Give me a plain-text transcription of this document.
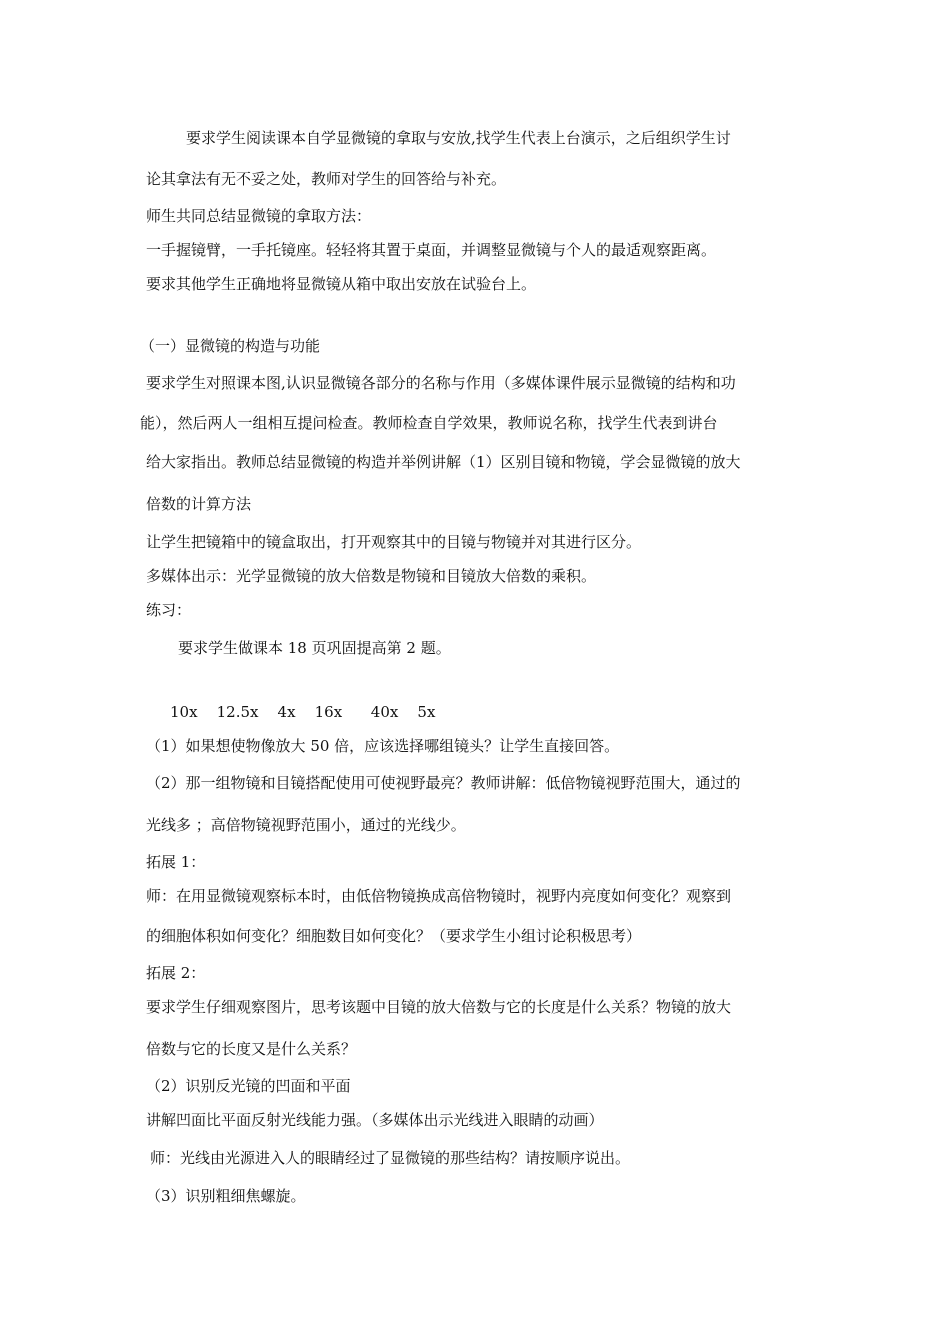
要求学生阅读课本自学显微镜的拿取与安放,找学生代表上台演示，之后组织学生讨
论其拿法有无不妥之处，教师对学生的回答给与补充。
师生共同总结显微镜的拿取方法：
一手握镜臂，一手托镜座。轻轻将其置于桌面，并调整显微镜与个人的最适观察距离。
要求其他学生正确地将显微镜从箱中取出安放在试验台上。
（一）显微镜的构造与功能
要求学生对照课本图,认识显微镜各部分的名称与作用（多媒体课件展示显微镜的结构和功
能），然后两人一组相互提问检查。教师检查自学效果，教师说名称，找学生代表到讲台
给大家指出。教师总结显微镜的构造并举例讲解（1）区别目镜和物镜，学会显微镜的放大
倍数的计算方法
让学生把镜箱中的镜盒取出，打开观察其中的目镜与物镜并对其进行区分。
多媒体出示：光学显微镜的放大倍数是物镜和目镜放大倍数的乘积。
练习：
要求学生做课本 18 页巩固提高第 2 题。
10x    12.5x    4x    16x      40x    5x
（1）如果想使物像放大 50 倍，应该选择哪组镜头？让学生直接回答。
（2）那一组物镜和目镜搭配使用可使视野最亮？教师讲解：低倍物镜视野范围大，通过的
光线多 ；高倍物镜视野范围小，通过的光线少。
拓展 1：
师：在用显微镜观察标本时，由低倍物镜换成高倍物镜时，视野内亮度如何变化？观察到
的细胞体积如何变化？细胞数目如何变化？（要求学生小组讨论积极思考）
拓展 2：
要求学生仔细观察图片，思考该题中目镜的放大倍数与它的长度是什么关系？物镜的放大
倍数与它的长度又是什么关系？
（2）识别反光镜的凹面和平面
讲解凹面比平面反射光线能力强。（多媒体出示光线进入眼睛的动画）
师：光线由光源进入人的眼睛经过了显微镜的那些结构？请按顺序说出。
（3）识别粗细焦螺旋。
